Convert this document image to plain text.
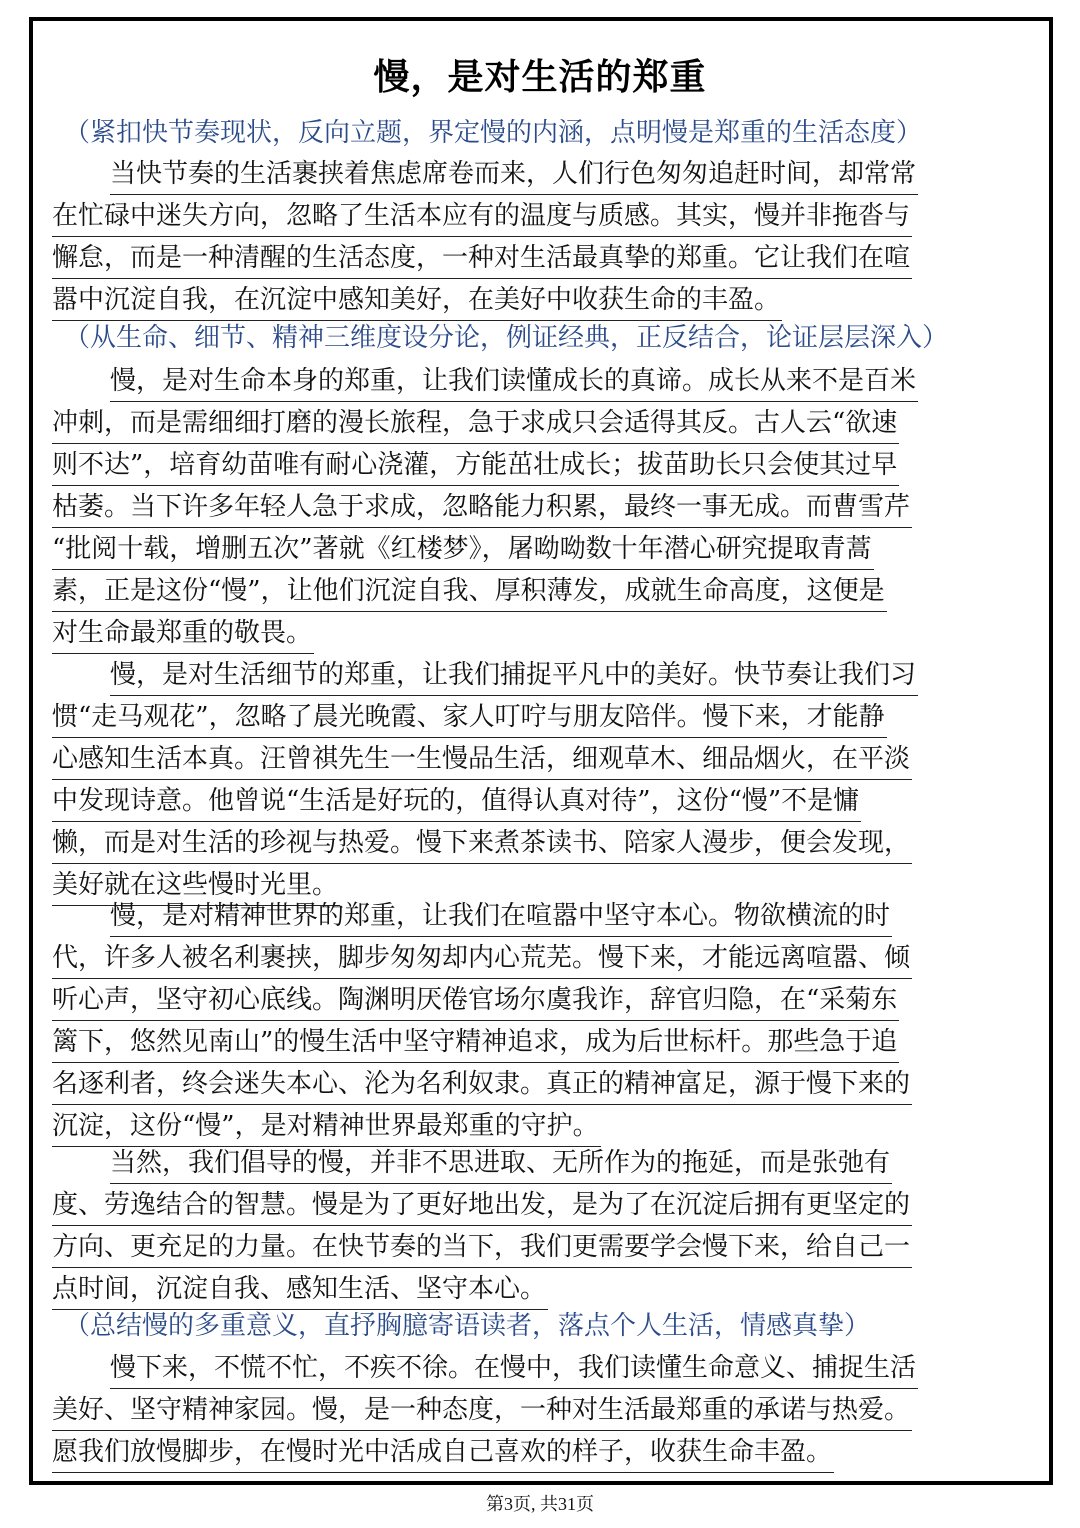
慢，是对生活的郑重
（紧扣快节奏现状，反向立题，界定慢的内涵，点明慢是郑重的生活态度）
当快节奏的生活裹挟着焦虑席卷而来，人们行色匆匆追赶时间，却常常
在忙碌中迷失方向，忽略了生活本应有的温度与质感。其实，慢并非拖沓与
懈怠，而是一种清醒的生活态度，一种对生活最真挚的郑重。它让我们在喧
嚣中沉淀自我，在沉淀中感知美好，在美好中收获生命的丰盈。
（从生命、细节、精神三维度设分论，例证经典，正反结合，论证层层深入）
慢，是对生命本身的郑重，让我们读懂成长的真谛。成长从来不是百米
冲刺，而是需细细打磨的漫长旅程，急于求成只会适得其反。古人云“欲速
则不达”，培育幼苗唯有耐心浇灌，方能茁壮成长；拔苗助长只会使其过早
枯萎。当下许多年轻人急于求成，忽略能力积累，最终一事无成。而曹雪芹
“批阅十载，增删五次”著就《红楼梦》，屠呦呦数十年潜心研究提取青蒿
素，正是这份“慢”，让他们沉淀自我、厚积薄发，成就生命高度，这便是
对生命最郑重的敬畏。
慢，是对生活细节的郑重，让我们捕捉平凡中的美好。快节奏让我们习
惯“走马观花”，忽略了晨光晚霞、家人叮咛与朋友陪伴。慢下来，才能静
心感知生活本真。汪曾祺先生一生慢品生活，细观草木、细品烟火，在平淡
中发现诗意。他曾说“生活是好玩的，值得认真对待”，这份“慢”不是慵
懒，而是对生活的珍视与热爱。慢下来煮茶读书、陪家人漫步，便会发现，
美好就在这些慢时光里。
慢，是对精神世界的郑重，让我们在喧嚣中坚守本心。物欲横流的时
代，许多人被名利裹挟，脚步匆匆却内心荒芜。慢下来，才能远离喧嚣、倾
听心声，坚守初心底线。陶渊明厌倦官场尔虞我诈，辞官归隐，在“采菊东
篱下，悠然见南山”的慢生活中坚守精神追求，成为后世标杆。那些急于追
名逐利者，终会迷失本心、沦为名利奴隶。真正的精神富足，源于慢下来的
沉淀，这份“慢”，是对精神世界最郑重的守护。
当然，我们倡导的慢，并非不思进取、无所作为的拖延，而是张弛有
度、劳逸结合的智慧。慢是为了更好地出发，是为了在沉淀后拥有更坚定的
方向、更充足的力量。在快节奏的当下，我们更需要学会慢下来，给自己一
点时间，沉淀自我、感知生活、坚守本心。
（总结慢的多重意义，直抒胸臆寄语读者，落点个人生活，情感真挚）
慢下来，不慌不忙，不疾不徐。在慢中，我们读懂生命意义、捕捉生活
美好、坚守精神家园。慢，是一种态度，一种对生活最郑重的承诺与热爱。
愿我们放慢脚步，在慢时光中活成自己喜欢的样子，收获生命丰盈。
第3页, 共31页
